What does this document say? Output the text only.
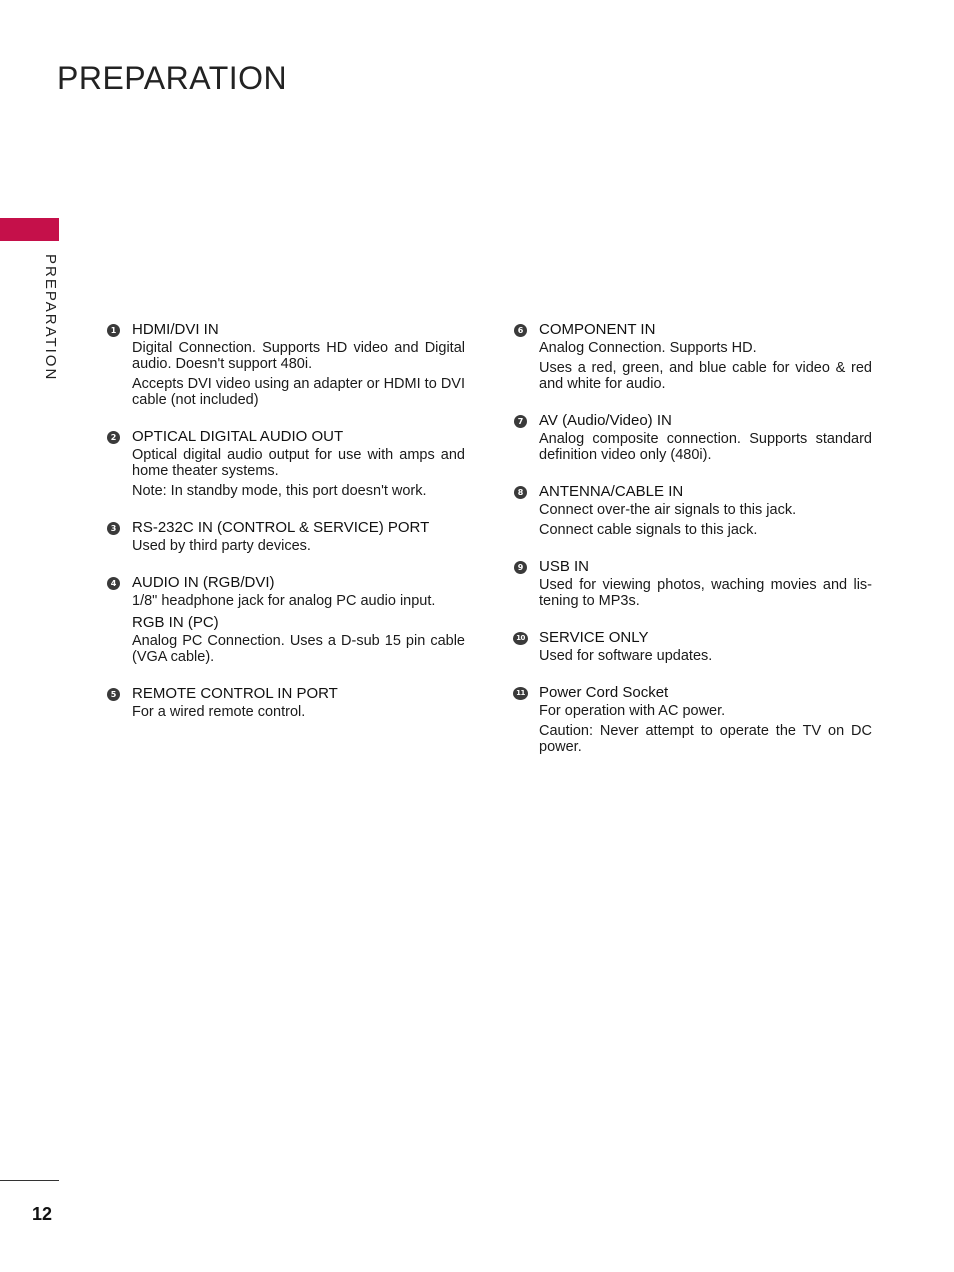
PREPARATION
PREPARATION	1 HDMI/DVI IN
Digital Connection. Supports HD video and Digital audio. Doesn't support 480i.
Accepts DVI video using an adapter or HDMI to DVI cable (not included)
2 OPTICAL DIGITAL AUDIO OUT
Optical digital audio output for use with amps and home theater systems.
Note: In standby mode, this port doesn't work.
3 RS-232C IN (CONTROL & SERVICE) PORT
Used by third party devices.
4 AUDIO IN (RGB/DVI)
1/8" headphone jack for analog PC audio input.
RGB IN (PC)
Analog PC Connection. Uses a D-sub 15 pin cable (VGA cable).
5 REMOTE CONTROL IN PORT
For a wired remote control.
6 COMPONENT IN
Analog Connection. Supports HD.
Uses a red, green, and blue cable for video & red and white for audio.
7 AV (Audio/Video) IN
Analog composite connection. Supports standard definition video only (480i).
8 ANTENNA/CABLE IN
Connect over-the air signals to this jack.
Connect cable signals to this jack.
9 USB IN
Used for viewing photos, waching movies and lis-tening to MP3s.
10 SERVICE ONLY
Used for software updates.
11 Power Cord Socket
For operation with AC power.
Caution: Never attempt to operate the TV on DC power.
12
